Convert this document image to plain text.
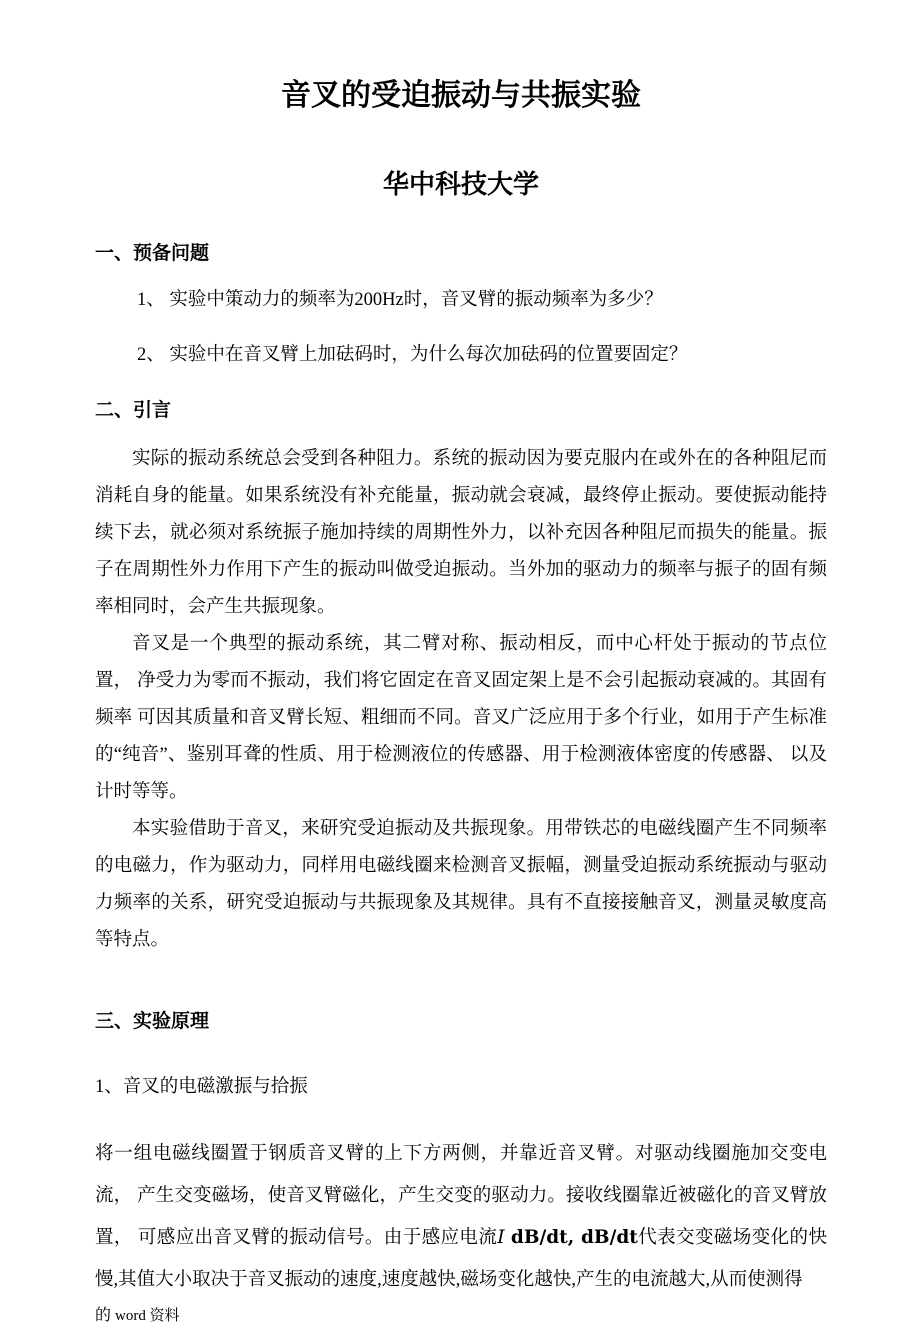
音叉的受迫振动与共振实验
华中科技大学
一、预备问题

1、 实验中策动力的频率为200Hz时，音叉臂的振动频率为多少？

2、 实验中在音叉臂上加砝码时，为什么每次加砝码的位置要固定？

二、引言

实际的振动系统总会受到各种阻力。系统的振动因为要克服内在或外在的各种阻尼而消耗自身的能量。如果系统没有补充能量，振动就会衰减，最终停止振动。要使振动能持续下去，就必须对系统振子施加持续的周期性外力，以补充因各种阻尼而损失的能量。振子在周期性外力作用下产生的振动叫做受迫振动。当外加的驱动力的频率与振子的固有频率相同时，会产生共振现象。

音叉是一个典型的振动系统，其二臂对称、振动相反，而中心杆处于振动的节点位置， 净受力为零而不振动，我们将它固定在音叉固定架上是不会引起振动衰减的。其固有频率 可因其质量和音叉臂长短、粗细而不同。音叉广泛应用于多个行业，如用于产生标准 的“纯音”、鉴别耳聋的性质、用于检测液位的传感器、用于检测液体密度的传感器、 以及计时等等。

本实验借助于音叉，来研究受迫振动及共振现象。用带铁芯的电磁线圈产生不同频率 的电磁力，作为驱动力，同样用电磁线圈来检测音叉振幅，测量受迫振动系统振动与驱动 力频率的关系，研究受迫振动与共振现象及其规律。具有不直接接触音叉，测量灵敏度高 等特点。

三、实验原理

1、音叉的电磁激振与拾振

将一组电磁线圈置于钢质音叉臂的上下方两侧，并靠近音叉臂。对驱动线圈施加交变电流， 产生交变磁场，使音叉臂磁化，产生交变的驱动力。接收线圈靠近被磁化的音叉臂放置， 可感应出音叉臂的振动信号。由于感应电流I dB/dt, dB/dt代表交变磁场变化的快慢,其值大小取决于音叉振动的速度,速度越快,磁场变化越快,产生的电流越大,从而使测得

的 word 资料
